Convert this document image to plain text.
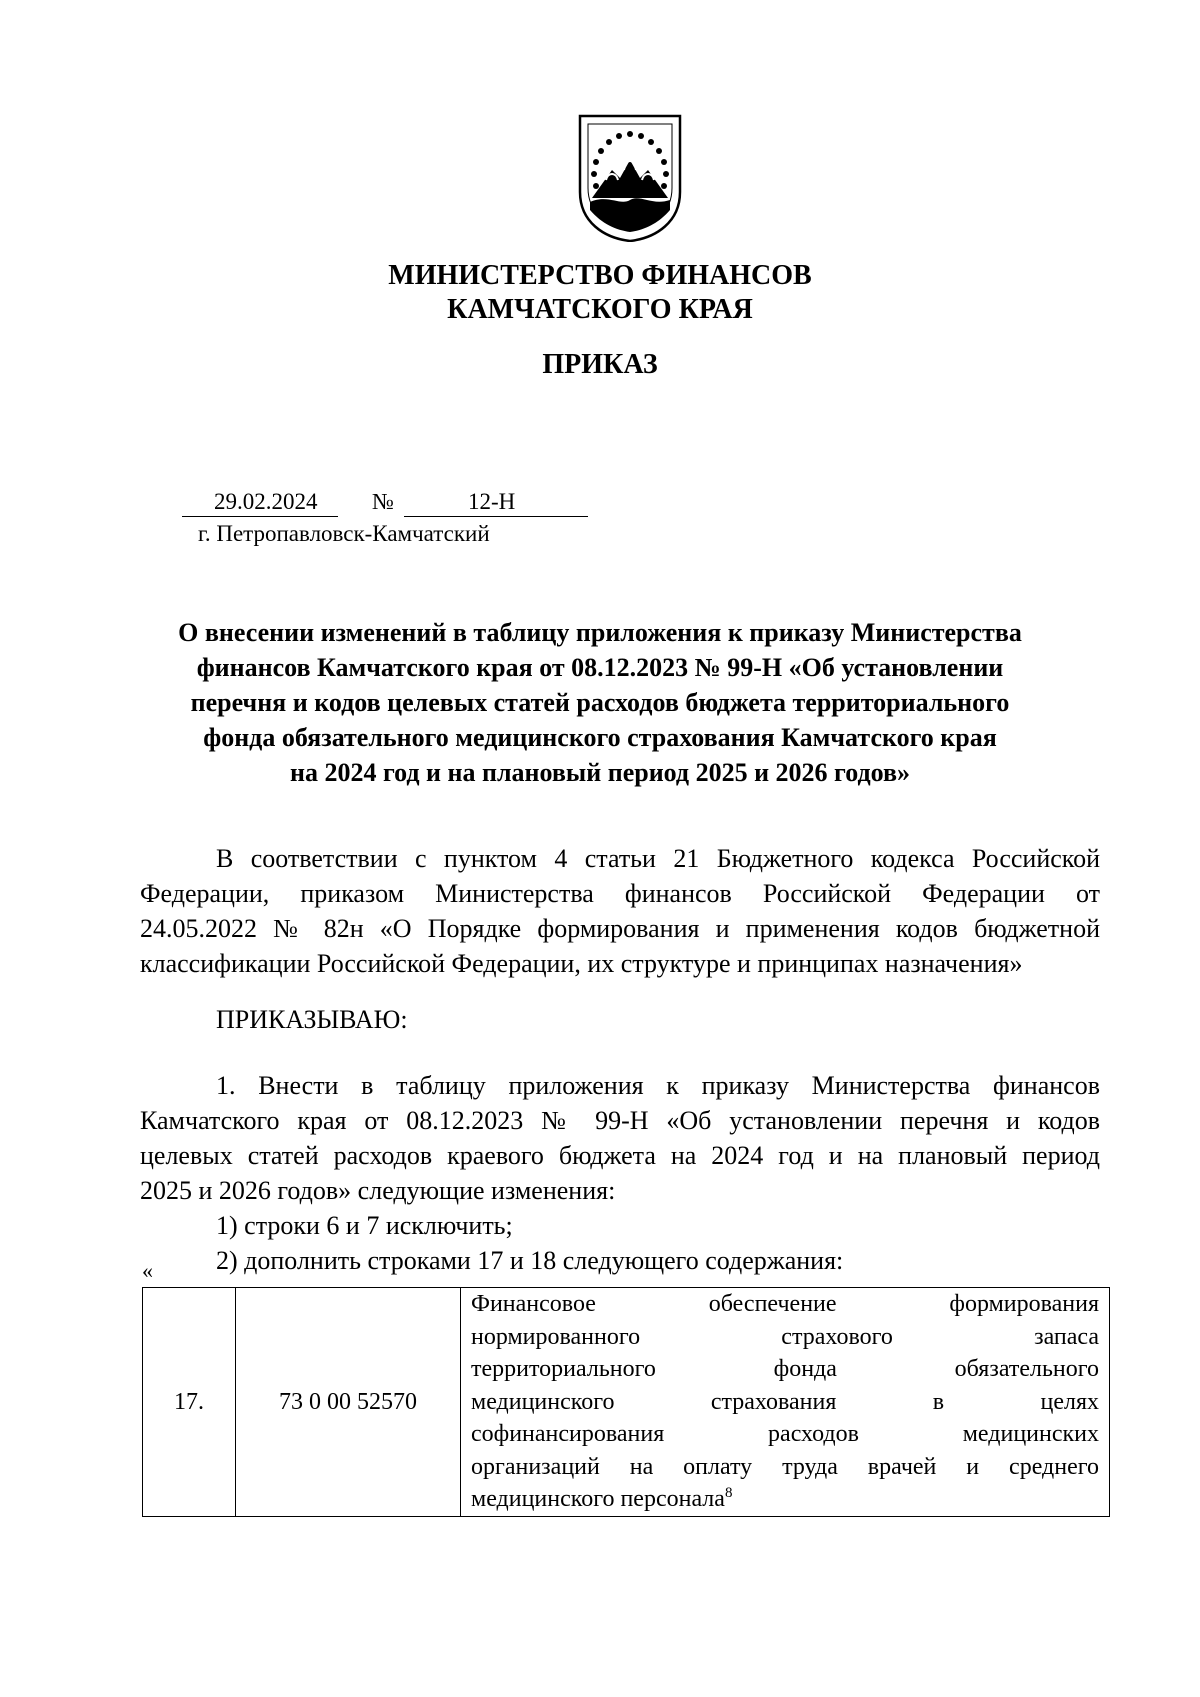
МИНИСТЕРСТВО ФИНАНСОВ
КАМЧАТСКОГО КРАЯ
ПРИКАЗ
29.02.2024 №	12-Н
г. Петропавловск-Камчатский
О внесении изменений в таблицу приложения к приказу Министерства
финансов Камчатского края от 08.12.2023 № 99-Н «Об установлении
перечня и кодов целевых статей расходов бюджета территориального
фонда обязательного медицинского страхования Камчатского края
на 2024 год и на плановый период 2025 и 2026 годов»
В соответствии с пунктом 4 статьи 21 Бюджетного кодекса Российской
Федерации, приказом Министерства финансов Российской Федерации от
24.05.2022 № 82н «О Порядке формирования и применения кодов бюджетной
классификации Российской Федерации, их структуре и принципах назначения»
ПРИКАЗЫВАЮ:
1. Внести в таблицу приложения к приказу Министерства финансов
Камчатского края от 08.12.2023 № 99-Н «Об установлении перечня и кодов
целевых статей расходов краевого бюджета на 2024 год и на плановый период
2025 и 2026 годов» следующие изменения:
1) строки 6 и 7 исключить;
2) дополнить строками 17 и 18 следующего содержания:
«
17.	73 0 00 52570	
Финансовое обеспечение формирования
нормированного страхового запаса
территориального фонда обязательного
медицинского страхования в целях
софинансирования расходов медицинских
организаций на оплату труда врачей и среднего
медицинского персонала$^8$
